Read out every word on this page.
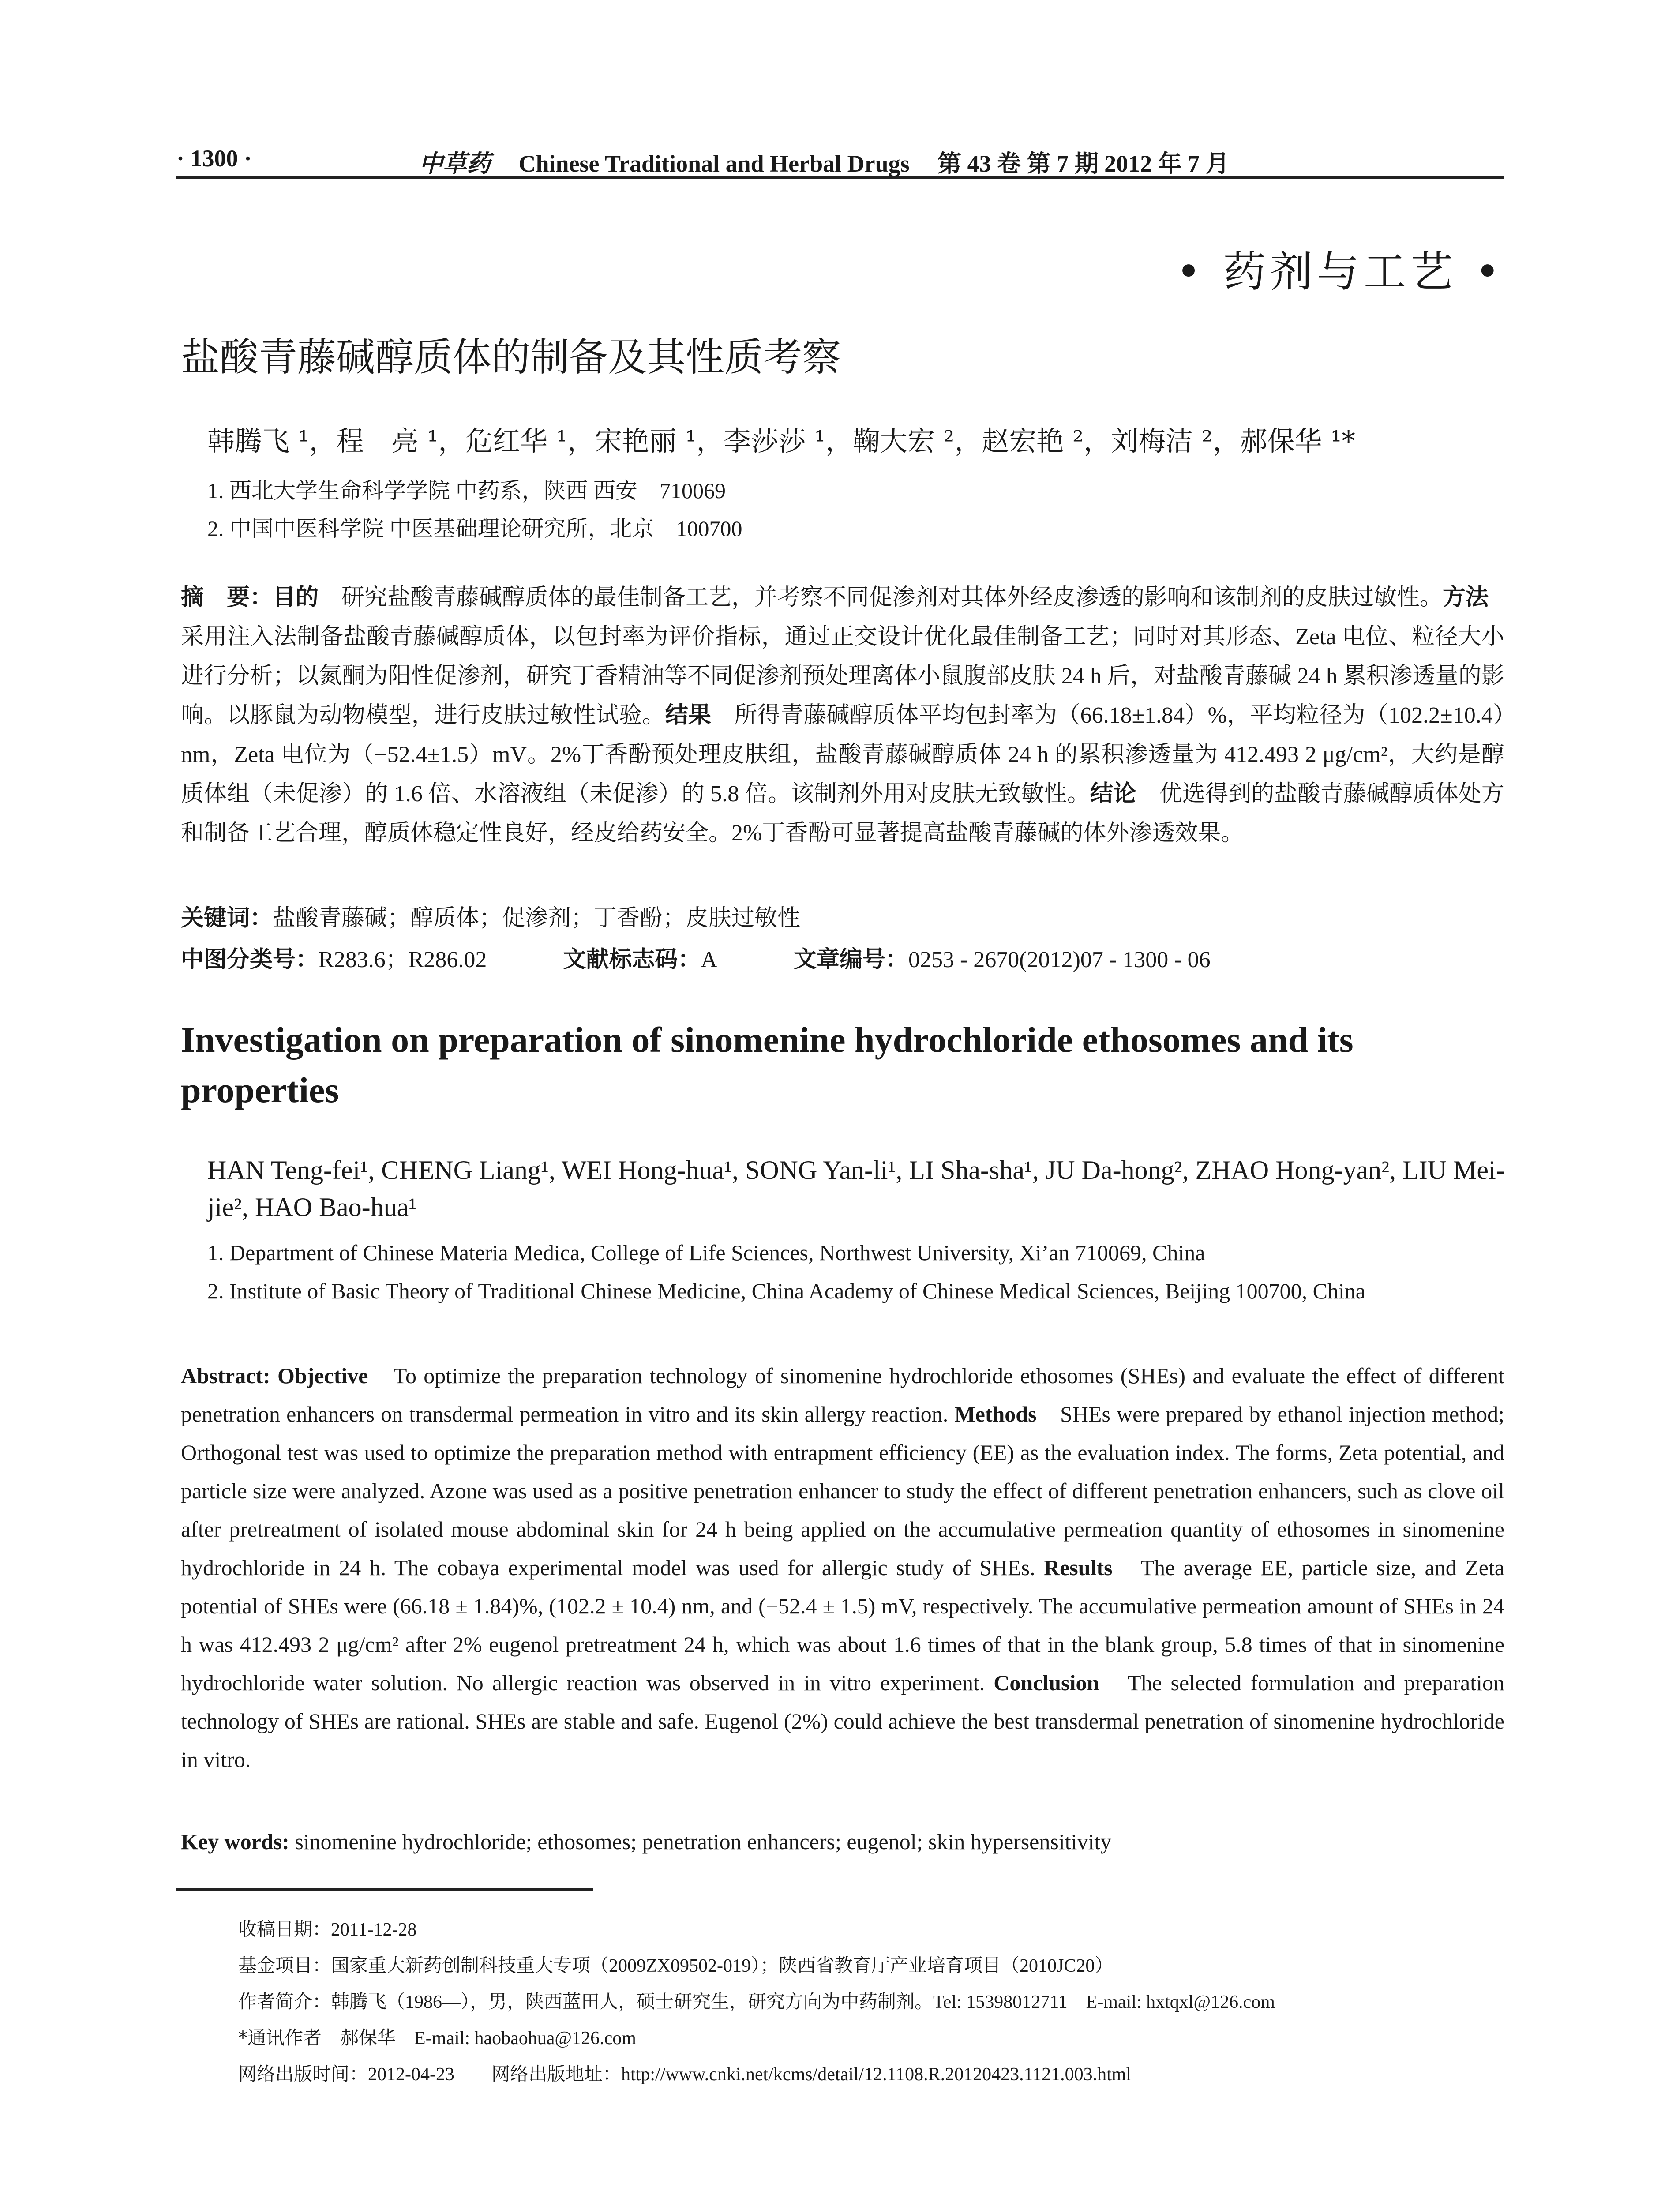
· 1300 ·	中草药 Chinese Traditional and Herbal Drugs 第 43 卷 第 7 期 2012 年 7 月
• 药剂与工艺 •
盐酸青藤碱醇质体的制备及其性质考察
韩腾飞 ¹，程　亮 ¹，危红华 ¹，宋艳丽 ¹，李莎莎 ¹，鞠大宏 ²，赵宏艳 ²，刘梅洁 ²，郝保华 ¹*
1. 西北大学生命科学学院 中药系，陕西 西安　710069
2. 中国中医科学院 中医基础理论研究所，北京　100700
摘　要：目的　研究盐酸青藤碱醇质体的最佳制备工艺，并考察不同促渗剂对其体外经皮渗透的影响和该制剂的皮肤过敏性。方法　采用注入法制备盐酸青藤碱醇质体，以包封率为评价指标，通过正交设计优化最佳制备工艺；同时对其形态、Zeta 电位、粒径大小进行分析；以氮酮为阳性促渗剂，研究丁香精油等不同促渗剂预处理离体小鼠腹部皮肤 24 h 后，对盐酸青藤碱 24 h 累积渗透量的影响。以豚鼠为动物模型，进行皮肤过敏性试验。结果　所得青藤碱醇质体平均包封率为（66.18±1.84）%，平均粒径为（102.2±10.4）nm，Zeta 电位为（−52.4±1.5）mV。2%丁香酚预处理皮肤组，盐酸青藤碱醇质体 24 h 的累积渗透量为 412.493 2 μg/cm²，大约是醇质体组（未促渗）的 1.6 倍、水溶液组（未促渗）的 5.8 倍。该制剂外用对皮肤无致敏性。结论　优选得到的盐酸青藤碱醇质体处方和制备工艺合理，醇质体稳定性良好，经皮给药安全。2%丁香酚可显著提高盐酸青藤碱的体外渗透效果。
关键词：盐酸青藤碱；醇质体；促渗剂；丁香酚；皮肤过敏性
中图分类号：R283.6；R286.02	文献标志码：A	文章编号：0253 - 2670(2012)07 - 1300 - 06
Investigation on preparation of sinomenine hydrochloride ethosomes and its properties
HAN Teng-fei¹, CHENG Liang¹, WEI Hong-hua¹, SONG Yan-li¹, LI Sha-sha¹, JU Da-hong², ZHAO Hong-yan², LIU Mei-jie², HAO Bao-hua¹
1. Department of Chinese Materia Medica, College of Life Sciences, Northwest University, Xi’an 710069, China
2. Institute of Basic Theory of Traditional Chinese Medicine, China Academy of Chinese Medical Sciences, Beijing 100700, China
Abstract: Objective　To optimize the preparation technology of sinomenine hydrochloride ethosomes (SHEs) and evaluate the effect of different penetration enhancers on transdermal permeation in vitro and its skin allergy reaction. Methods　SHEs were prepared by ethanol injection method; Orthogonal test was used to optimize the preparation method with entrapment efficiency (EE) as the evaluation index. The forms, Zeta potential, and particle size were analyzed. Azone was used as a positive penetration enhancer to study the effect of different penetration enhancers, such as clove oil after pretreatment of isolated mouse abdominal skin for 24 h being applied on the accumulative permeation quantity of ethosomes in sinomenine hydrochloride in 24 h. The cobaya experimental model was used for allergic study of SHEs. Results　The average EE, particle size, and Zeta potential of SHEs were (66.18 ± 1.84)%, (102.2 ± 10.4) nm, and (−52.4 ± 1.5) mV, respectively. The accumulative permeation amount of SHEs in 24 h was 412.493 2 μg/cm² after 2% eugenol pretreatment 24 h, which was about 1.6 times of that in the blank group, 5.8 times of that in sinomenine hydrochloride water solution. No allergic reaction was observed in in vitro experiment. Conclusion　The selected formulation and preparation technology of SHEs are rational. SHEs are stable and safe. Eugenol (2%) could achieve the best transdermal penetration of sinomenine hydrochloride in vitro.
Key words: sinomenine hydrochloride; ethosomes; penetration enhancers; eugenol; skin hypersensitivity
收稿日期：2011-12-28
基金项目：国家重大新药创制科技重大专项（2009ZX09502-019）；陕西省教育厅产业培育项目（2010JC20）
作者简介：韩腾飞（1986—），男，陕西蓝田人，硕士研究生，研究方向为中药制剂。Tel: 15398012711　E-mail: hxtqxl@126.com
*通讯作者　郝保华　E-mail: haobaohua@126.com
网络出版时间：2012-04-23　　网络出版地址：http://www.cnki.net/kcms/detail/12.1108.R.20120423.1121.003.html
